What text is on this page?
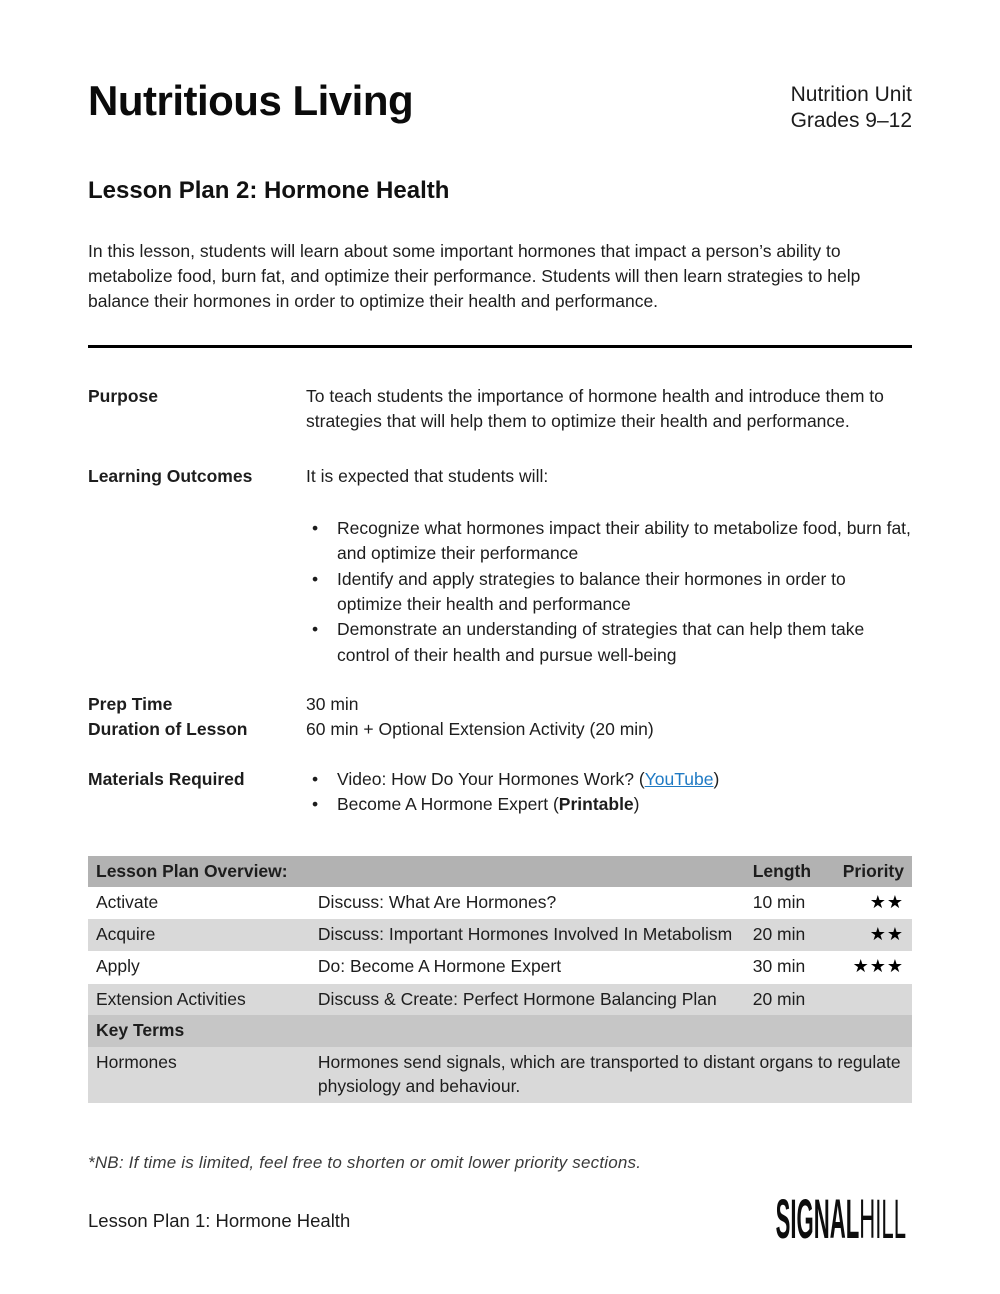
Nutritious Living	Nutrition Unit
Grades 9–12
Lesson Plan 2: Hormone Health

In this lesson, students will learn about some important hormones that impact a person’s ability to metabolize food, burn fat, and optimize their performance. Students will then learn strategies to help balance their hormones in order to optimize their health and performance.

Purpose	To teach students the importance of hormone health and introduce them to strategies that will help them to optimize their health and performance.
Learning Outcomes	It is expected that students will:
• Recognize what hormones impact their ability to metabolize food, burn fat, and optimize their performance
• Identify and apply strategies to balance their hormones in order to optimize their health and performance
• Demonstrate an understanding of strategies that can help them take control of their health and pursue well-being
Prep Time	30 min
Duration of Lesson	60 min + Optional Extension Activity (20 min)
Materials Required	• Video: How Do Your Hormones Work? (YouTube)
• Become A Hormone Expert (Printable)
Lesson Plan Overview:		Length	Priority
Activate	Discuss: What Are Hormones?	10 min	★★
Acquire	Discuss: Important Hormones Involved In Metabolism	20 min	★★
Apply	Do: Become A Hormone Expert	30 min	★★★
Extension Activities	Discuss & Create: Perfect Hormone Balancing Plan	20 min	
Key Terms			
Hormones	Hormones send signals, which are transported to distant organs to regulate physiology and behaviour.		
*NB: If time is limited, feel free to shorten or omit lower priority sections.
Lesson Plan 1: Hormone Health	SIGNALHILL
